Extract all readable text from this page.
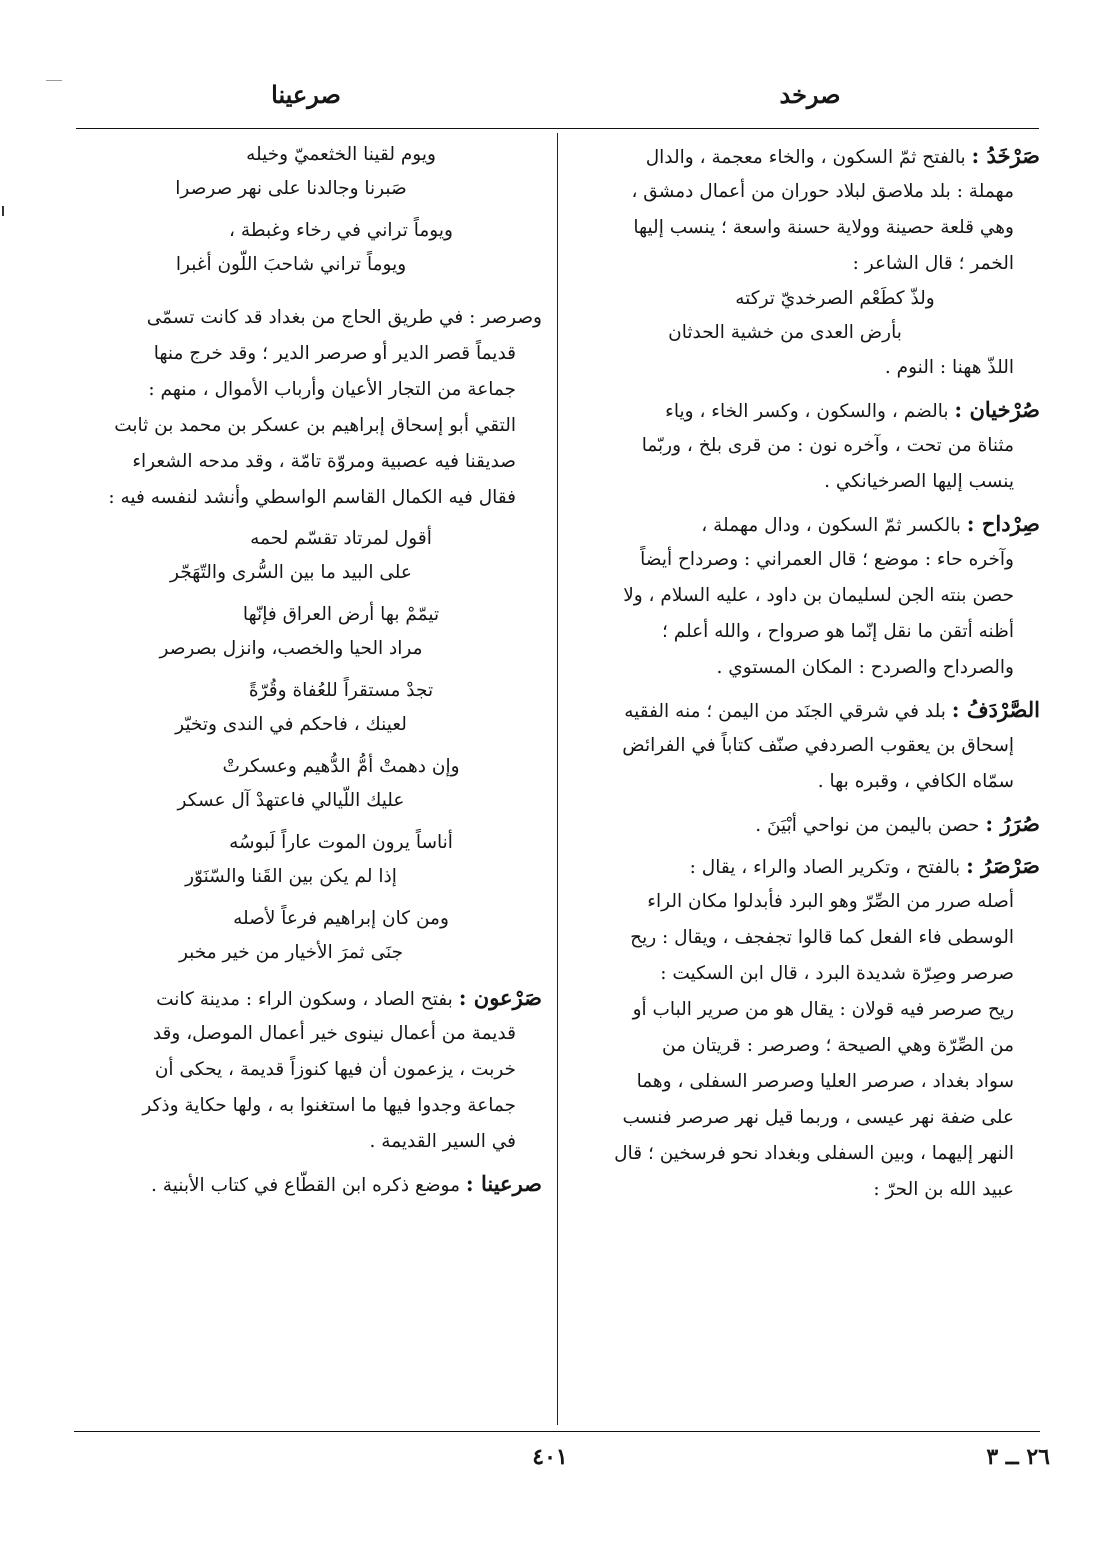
صرخد
صرعينا
صَرْخَدُ : بالفتح ثمّ السكون ، والخاء معجمة ، والدال
مهملة : بلد ملاصق لبلاد حوران من أعمال دمشق ،
وهي قلعة حصينة وولاية حسنة واسعة ؛ ينسب إليها
الخمر ؛ قال الشاعر :
ولذّ كطَعْم الصرخديّ تركته
بأرض العدى من خشية الحدثان
اللذّ ههنا : النوم .
صُرْخيان : بالضم ، والسكون ، وكسر الخاء ، وياء
مثناة من تحت ، وآخره نون : من قرى بلخ ، وربّما
ينسب إليها الصرخيانكي .
صِرْداح : بالكسر ثمّ السكون ، ودال مهملة ،
وآخره حاء : موضع ؛ قال العمراني : وصرداح أيضاً
حصن بنته الجن لسليمان بن داود ، عليه السلام ، ولا
أظنه أتقن ما نقل إنّما هو صرواح ، والله أعلم ؛
والصرداح والصردح : المكان المستوي .
الصَّرْدَفُ : بلد في شرقي الجنَد من اليمن ؛ منه الفقيه
إسحاق بن يعقوب الصردفي صنّف كتاباً في الفرائض
سمّاه الكافي ، وقبره بها .
صُرَرُ : حصن باليمن من نواحي أبْيَنَ .
صَرْصَرُ : بالفتح ، وتكرير الصاد والراء ، يقال :
أصله صرر من الصِّرّ وهو البرد فأبدلوا مكان الراء
الوسطى فاء الفعل كما قالوا تجفجف ، ويقال : ريح
صرصر وصِرّة شديدة البرد ، قال ابن السكيت :
ريح صرصر فيه قولان : يقال هو من صرير الباب أو
من الصِّرّة وهي الصيحة ؛ وصرصر : قريتان من
سواد بغداد ، صرصر العليا وصرصر السفلى ، وهما
على ضفة نهر عيسى ، وربما قيل نهر صرصر فنسب
النهر إليهما ، وبين السفلى وبغداد نحو فرسخين ؛ قال
عبيد الله بن الحرّ :
ويوم لقينا الخثعميّ وخيله
صَبرنا وجالدنا على نهر صرصرا
ويوماً تراني في رخاء وغبطة ،
ويوماً تراني شاحبَ اللّون أغبرا
وصرصر : في طريق الحاج من بغداد قد كانت تسمّى
قديماً قصر الدير أو صرصر الدير ؛ وقد خرج منها
جماعة من التجار الأعيان وأرباب الأموال ، منهم :
التقي أبو إسحاق إبراهيم بن عسكر بن محمد بن ثابت
صديقنا فيه عصبية ومروّة تامّة ، وقد مدحه الشعراء
فقال فيه الكمال القاسم الواسطي وأنشد لنفسه فيه :
أقول لمرتاد تقسّم لحمه
على البيد ما بين السُّرى والتّهَجّر
تيمّمْ بها أرض العراق فإنّها
مراد الحيا والخصب، وانزل بصرصر
تجدْ مستقراً للعُفاة وقُرّةً
لعينك ، فاحكم في الندى وتخيّر
وإن دهمتْ أمُّ الدُّهيم وعسكرتْ
عليك اللّيالي فاعتهدْ آل عسكر
أناساً يرون الموت عاراً لَبوسُه
إذا لم يكن بين القَنا والسّنَوّر
ومن كان إبراهيم فرعاً لأصله
جنَى ثمرَ الأخيار من خير مخبر
صَرْعون : بفتح الصاد ، وسكون الراء : مدينة كانت
قديمة من أعمال نينوى خير أعمال الموصل، وقد
خربت ، يزعمون أن فيها كنوزاً قديمة ، يحكى أن
جماعة وجدوا فيها ما استغنوا به ، ولها حكاية وذكر
في السير القديمة .
صرعينا : موضع ذكره ابن القطّاع في كتاب الأبنية .
٤٠١	٢٦ ــ ٣
